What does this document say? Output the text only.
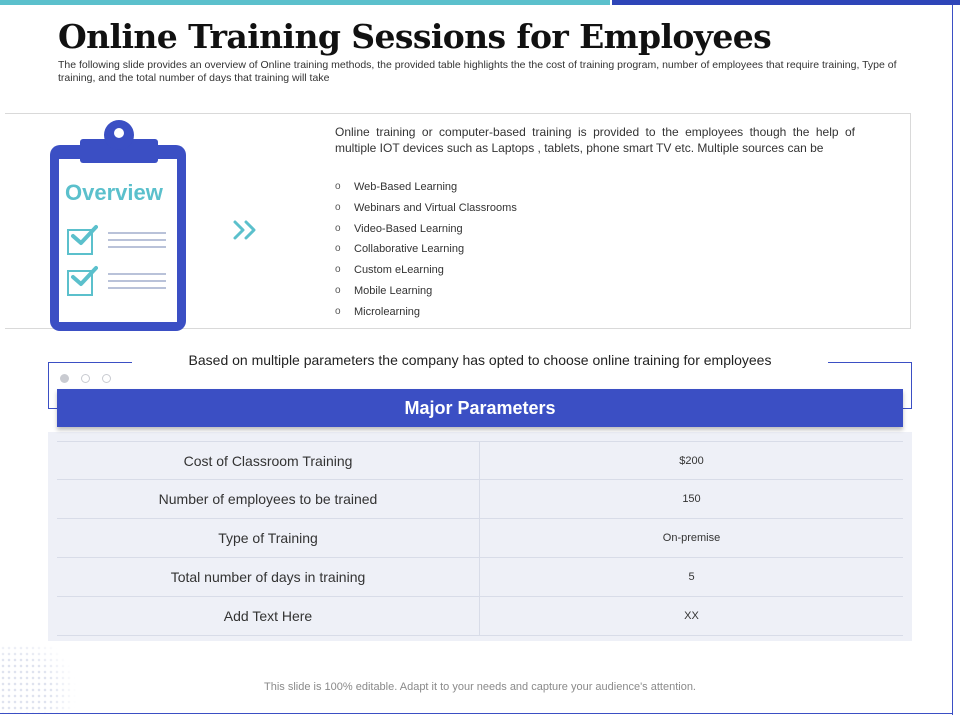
Online Training Sessions for Employees

The following slide provides an overview of Online training methods, the provided table highlights the the cost of training program, number of employees that require training, Type of training, and the total number of days that training will take

Overview

Online training or computer-based training is provided to the employees though the help of multiple IOT devices such as Laptops , tablets, phone smart TV etc. Multiple sources can be

o Web-Based Learning
o Webinars and Virtual Classrooms
o Video-Based Learning
o Collaborative Learning
o Custom eLearning
o Mobile Learning
o Microlearning
Based on multiple parameters the company has opted to choose online training for employees
Major Parameters
Cost of Classroom Training	$200
Number of employees to be trained	150
Type of Training	On-premise
Total number of days in training	5
Add Text Here	XX
This slide is 100% editable. Adapt it to your needs and capture your audience's attention.
